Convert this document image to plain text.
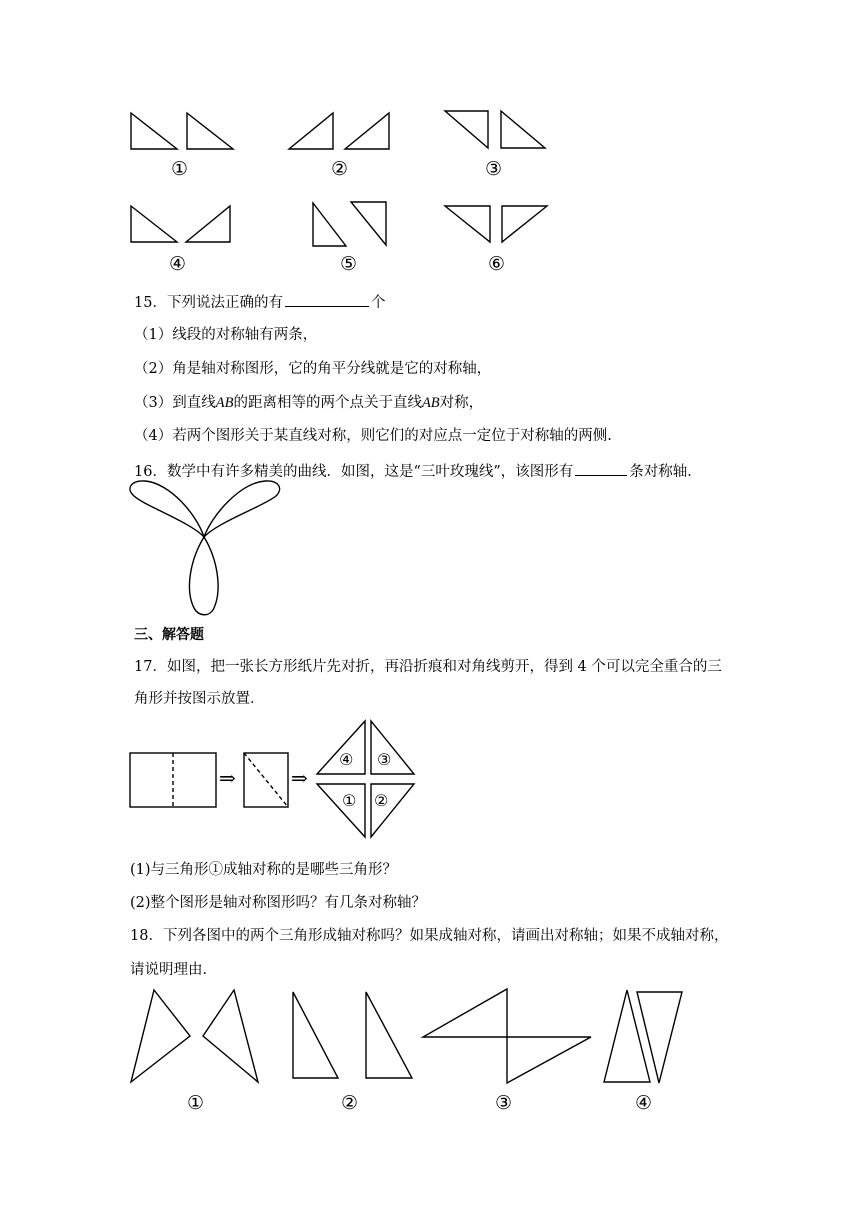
①	②	③
④	⑤	⑥
15．下列说法正确的有	个
（1）线段的对称轴有两条，
（2）角是轴对称图形，它的角平分线就是它的对称轴，
（3）到直线AB的距离相等的两个点关于直线AB对称，
（4）若两个图形关于某直线对称，则它们的对应点一定位于对称轴的两侧.
16．数学中有许多精美的曲线．如图，这是“三叶玫瑰线”，该图形有	条对称轴．
三、解答题
17．如图，把一张长方形纸片先对折，再沿折痕和对角线剪开，得到 4 个可以完全重合的三
角形并按图示放置．
⇒	⇒
④ ③
① ②
(1)与三角形①成轴对称的是哪些三角形？
(2)整个图形是轴对称图形吗？有几条对称轴？
18．下列各图中的两个三角形成轴对称吗？如果成轴对称，请画出对称轴；如果不成轴对称，
请说明理由．
①	②	③	④
